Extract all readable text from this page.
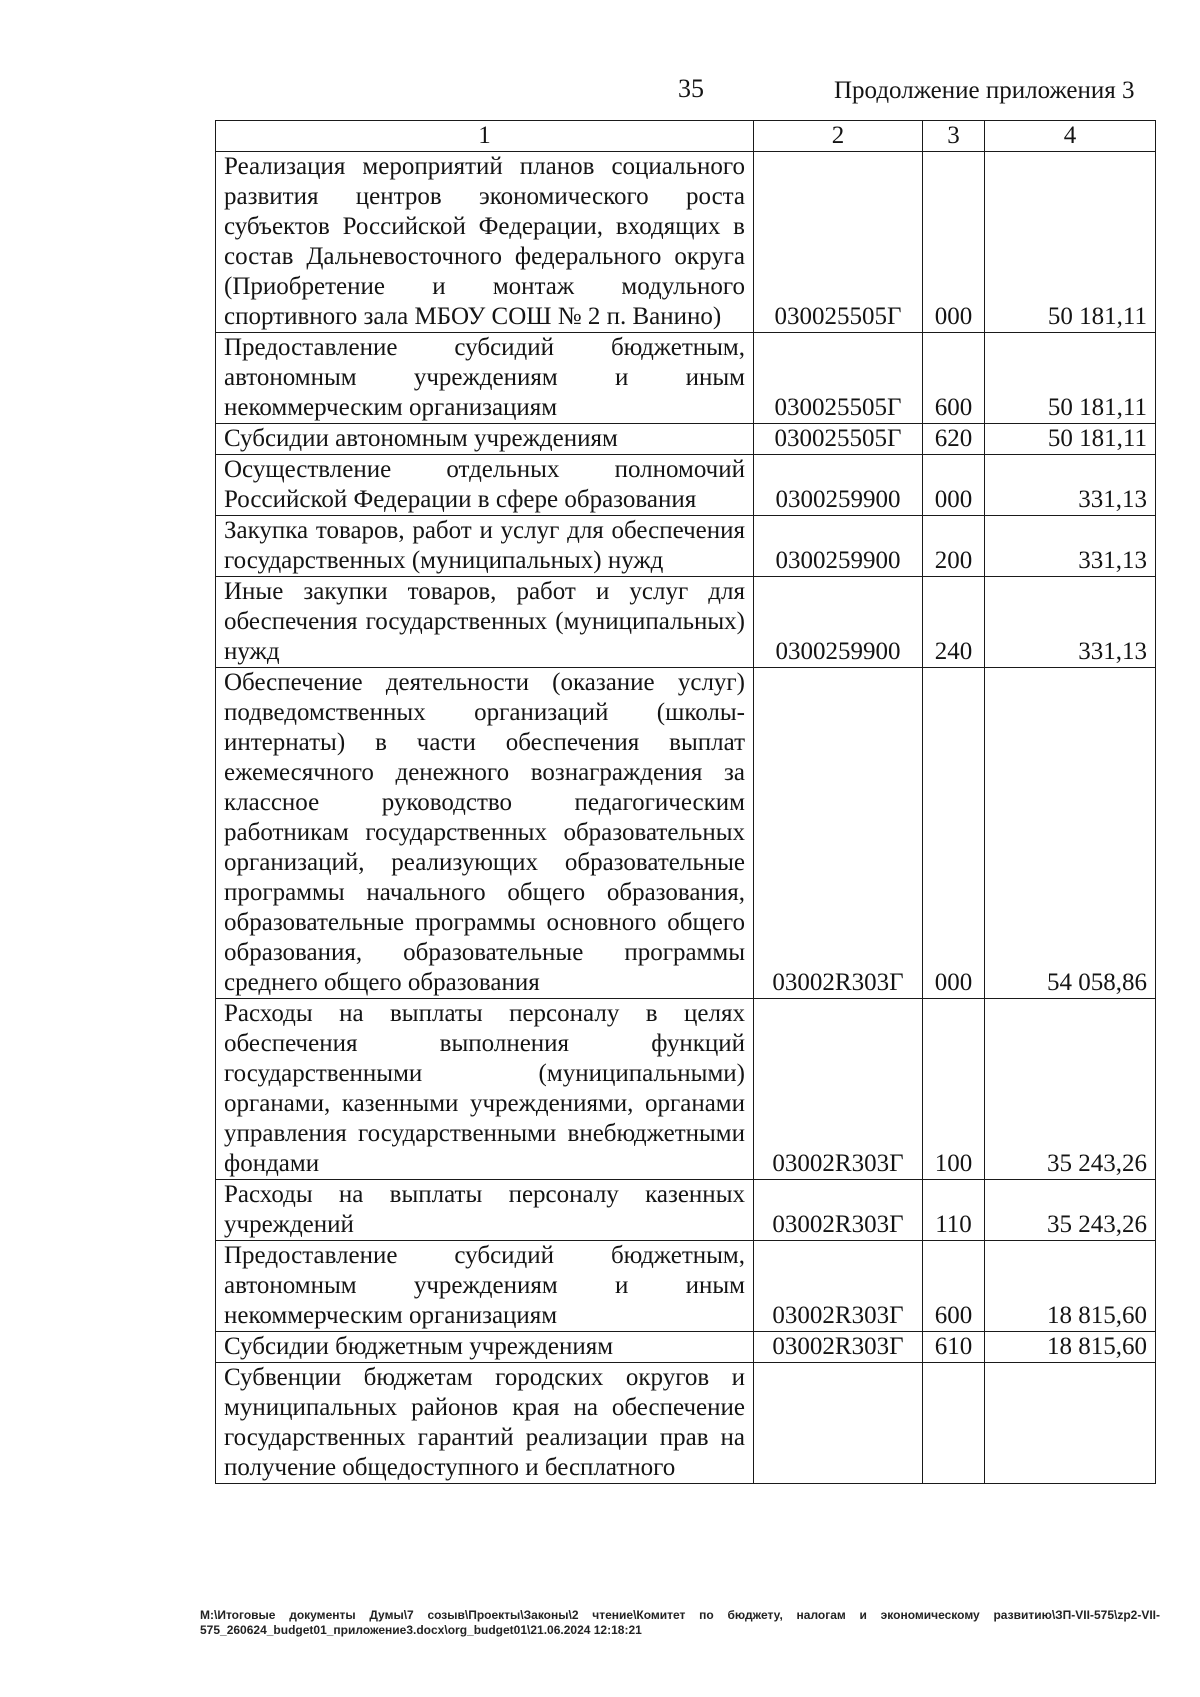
35	Продолжение приложения 3
1	2	3	4
Реализация мероприятий планов социального развития центров экономического роста субъектов Российской Федерации, входящих в состав Дальневосточного федерального округа (Приобретение и монтаж модульного спортивного зала МБОУ СОШ № 2 п. Ванино)	030025505Г	000	50 181,11
Предоставление субсидий бюджетным, автономным учреждениям и иным некоммерческим организациям	030025505Г	600	50 181,11
Субсидии автономным учреждениям	030025505Г	620	50 181,11
Осуществление отдельных полномочий Российской Федерации в сфере образования	0300259900	000	331,13
Закупка товаров, работ и услуг для обеспечения государственных (муниципальных) нужд	0300259900	200	331,13
Иные закупки товаров, работ и услуг для обеспечения государственных (муниципальных) нужд	0300259900	240	331,13
Обеспечение деятельности (оказание услуг) подведомственных организаций (школы-интернаты) в части обеспечения выплат ежемесячного денежного вознаграждения за классное руководство педагогическим работникам государственных образовательных организаций, реализующих образовательные программы начального общего образования, образовательные программы основного общего образования, образовательные программы среднего общего образования	03002R303Г	000	54 058,86
Расходы на выплаты персоналу в целях обеспечения выполнения функций государственными (муниципальными) органами, казенными учреждениями, органами управления государственными внебюджетными фондами	03002R303Г	100	35 243,26
Расходы на выплаты персоналу казенных учреждений	03002R303Г	110	35 243,26
Предоставление субсидий бюджетным, автономным учреждениям и иным некоммерческим организациям	03002R303Г	600	18 815,60
Субсидии бюджетным учреждениям	03002R303Г	610	18 815,60
Субвенции бюджетам городских округов и муниципальных районов края на обеспечение государственных гарантий реализации прав на получение общедоступного и бесплатного			
М:\Итоговые документы Думы\7 созыв\Проекты\Законы\2 чтение\Комитет по бюджету, налогам и экономическому развитию\ЗП-VII-575\zp2-VII-575_260624_budget01_приложение3.docx\org_budget01\21.06.2024 12:18:21
